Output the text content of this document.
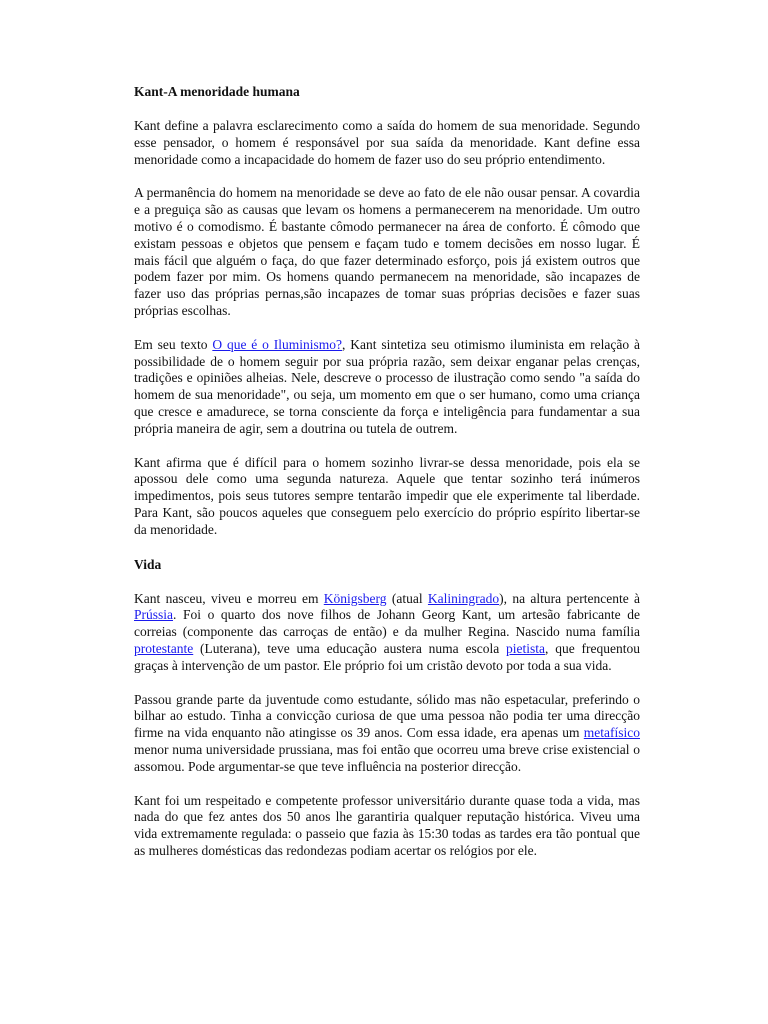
Kant-A menoridade humana

Kant define a palavra esclarecimento como a saída do homem de sua menoridade. Segundo esse pensador, o homem é responsável por sua saída da menoridade. Kant define essa menoridade como a incapacidade do homem de fazer uso do seu próprio entendimento.

A permanência do homem na menoridade se deve ao fato de ele não ousar pensar. A covardia e a preguiça são as causas que levam os homens a permanecerem na menoridade. Um outro motivo é o comodismo. É bastante cômodo permanecer na área de conforto. É cômodo que existam pessoas e objetos que pensem e façam tudo e tomem decisões em nosso lugar. É mais fácil que alguém o faça, do que fazer determinado esforço, pois já existem outros que podem fazer por mim. Os homens quando permanecem na menoridade, são incapazes de fazer uso das próprias pernas,são incapazes de tomar suas próprias decisões e fazer suas próprias escolhas.

Em seu texto O que é o Iluminismo?, Kant sintetiza seu otimismo iluminista em relação à possibilidade de o homem seguir por sua própria razão, sem deixar enganar pelas crenças, tradições e opiniões alheias. Nele, descreve o processo de ilustração como sendo "a saída do homem de sua menoridade", ou seja, um momento em que o ser humano, como uma criança que cresce e amadurece, se torna consciente da força e inteligência para fundamentar a sua própria maneira de agir, sem a doutrina ou tutela de outrem.

Kant afirma que é difícil para o homem sozinho livrar-se dessa menoridade, pois ela se apossou dele como uma segunda natureza. Aquele que tentar sozinho terá inúmeros impedimentos, pois seus tutores sempre tentarão impedir que ele experimente tal liberdade. Para Kant, são poucos aqueles que conseguem pelo exercício do próprio espírito libertar-se da menoridade.

Vida

Kant nasceu, viveu e morreu em Königsberg (atual Kaliningrado), na altura pertencente à Prússia. Foi o quarto dos nove filhos de Johann Georg Kant, um artesão fabricante de correias (componente das carroças de então) e da mulher Regina. Nascido numa família protestante (Luterana), teve uma educação austera numa escola pietista, que frequentou graças à intervenção de um pastor. Ele próprio foi um cristão devoto por toda a sua vida.

Passou grande parte da juventude como estudante, sólido mas não espetacular, preferindo o bilhar ao estudo. Tinha a convicção curiosa de que uma pessoa não podia ter uma direcção firme na vida enquanto não atingisse os 39 anos. Com essa idade, era apenas um metafísico menor numa universidade prussiana, mas foi então que ocorreu uma breve crise existencial o assomou. Pode argumentar-se que teve influência na posterior direcção.

Kant foi um respeitado e competente professor universitário durante quase toda a vida, mas nada do que fez antes dos 50 anos lhe garantiria qualquer reputação histórica. Viveu uma vida extremamente regulada: o passeio que fazia às 15:30 todas as tardes era tão pontual que as mulheres domésticas das redondezas podiam acertar os relógios por ele.
